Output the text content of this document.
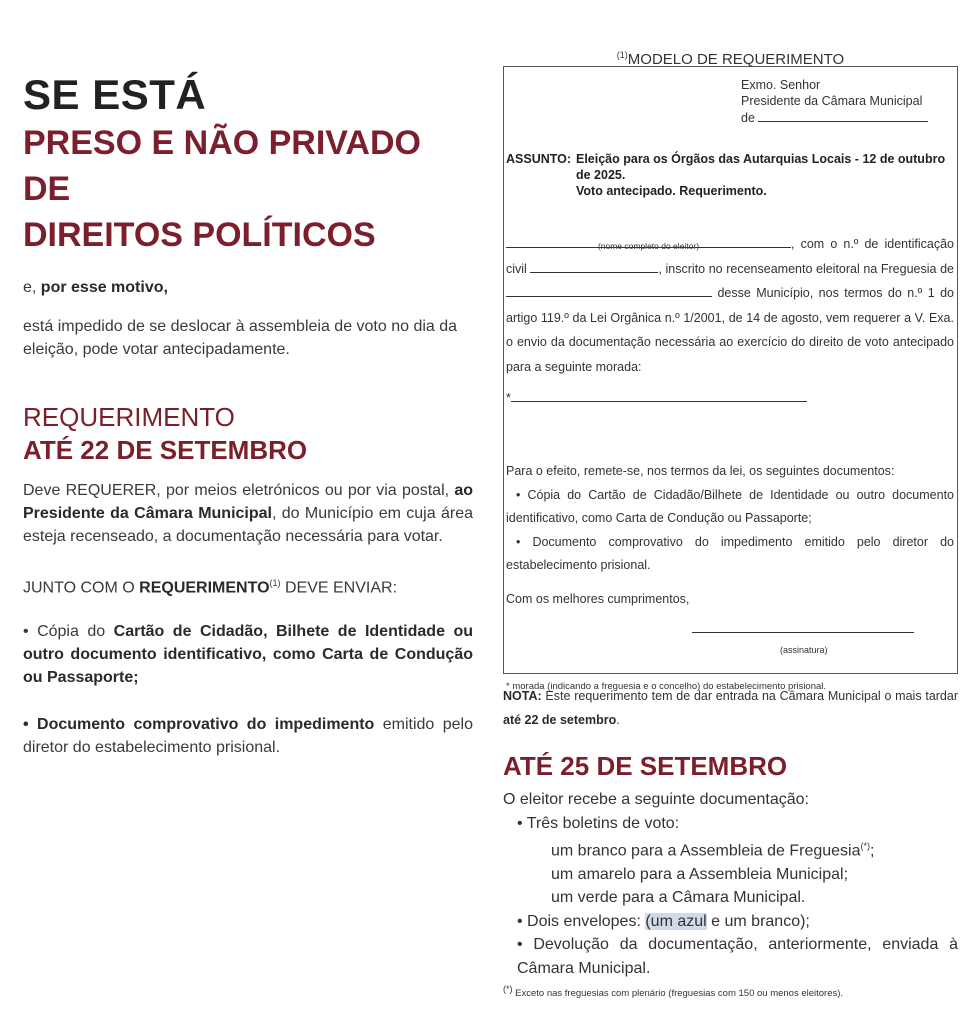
SE ESTÁ
PRESO E NÃO PRIVADO DE
DIREITOS POLÍTICOS

e, por esse motivo,

está impedido de se deslocar à assembleia de voto no dia da eleição, pode votar antecipadamente.

REQUERIMENTO

ATÉ 22 DE SETEMBRO

Deve REQUERER, por meios eletrónicos ou por via postal, ao Presidente da Câmara Municipal, do Município em cuja área esteja recenseado, a documentação necessária para votar.

JUNTO COM O REQUERIMENTO$^{(1)}$ DEVE ENVIAR:

• Cópia do Cartão de Cidadão, Bilhete de Identidade ou outro documento identificativo, como Carta de Condução ou Passaporte;

• Documento comprovativo do impedimento emitido pelo diretor do estabelecimento prisional.

$^{(1)}$MODELO DE REQUERIMENTO

Exmo. Senhor
Presidente da Câmara Municipal
de
ASSUNTO: Eleição para os Órgãos das Autarquias Locais - 12 de outubro de 2025.
Voto antecipado. Requerimento.
(nome completo do eleitor)	, com o n.º de identificação civil	, inscrito no recenseamento eleitoral na Freguesia de  desse Município, nos termos do n.º 1 do artigo 119.º da Lei Orgânica n.º 1/2001, de 14 de agosto, vem requerer a V. Exa. o envio da documentação necessária ao exercício do direito de voto antecipado para a seguinte morada:
*
Para o efeito, remete-se, nos termos da lei, os seguintes documentos:
• Cópia do Cartão de Cidadão/Bilhete de Identidade ou outro documento identificativo, como Carta de Condução ou Passaporte;
• Documento comprovativo do impedimento emitido pelo diretor do estabelecimento prisional.
Com os melhores cumprimentos,
(assinatura)
* morada (indicando a freguesia e o concelho) do estabelecimento prisional.
NOTA: Este requerimento tem de dar entrada na Câmara Municipal o mais tardar até 22 de setembro.
ATÉ 25 DE SETEMBRO
O eleitor recebe a seguinte documentação:
• Três boletins de voto:
um branco para a Assembleia de Freguesia(*);
um amarelo para a Assembleia Municipal;
um verde para a Câmara Municipal.
• Dois envelopes: (um azul e um branco);
• Devolução da documentação, anteriormente, enviada à Câmara Municipal.
(*) Exceto nas freguesias com plenário (freguesias com 150 ou menos eleitores).
